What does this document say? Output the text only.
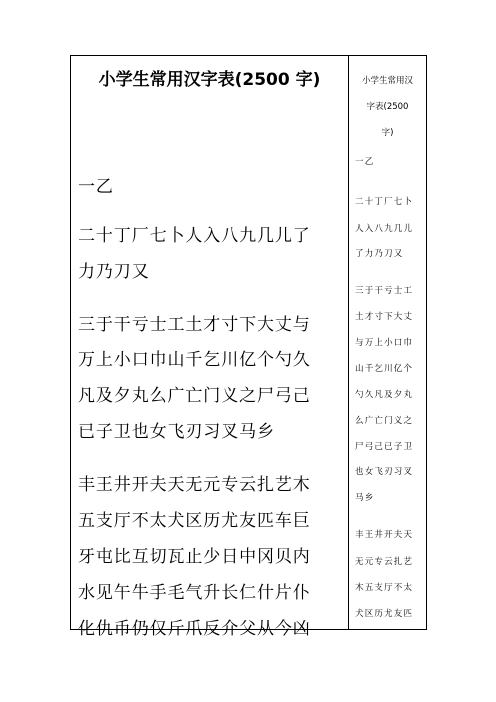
小学生常用汉字表(2500 字)

一乙

二十丁厂七卜人入八九几儿了

力乃刀又

三于干亏士工土才寸下大丈与

万上小口巾山千乞川亿个勺久

凡及夕丸么广亡门义之尸弓己

已子卫也女飞刃习叉马乡

丰王井开夫天无元专云扎艺木

五支厅不太犬区历尤友匹车巨

牙屯比互切瓦止少日中冈贝内

水见午牛手毛气升长仁什片仆

化仇币仍仅斤爪反介父从今凶

小学生常用汉
字表(2500
字)

一乙

二十丁厂七卜

人入八九几儿

了力乃刀又

三于干亏士工

土才寸下大丈

与万上小口巾

山千乞川亿个

勺久凡及夕丸

么广亡门义之

尸弓己已子卫

也女飞刃习叉

马乡

丰王井开夫天

无元专云扎艺

木五支厅不太

犬区历尤友匹
